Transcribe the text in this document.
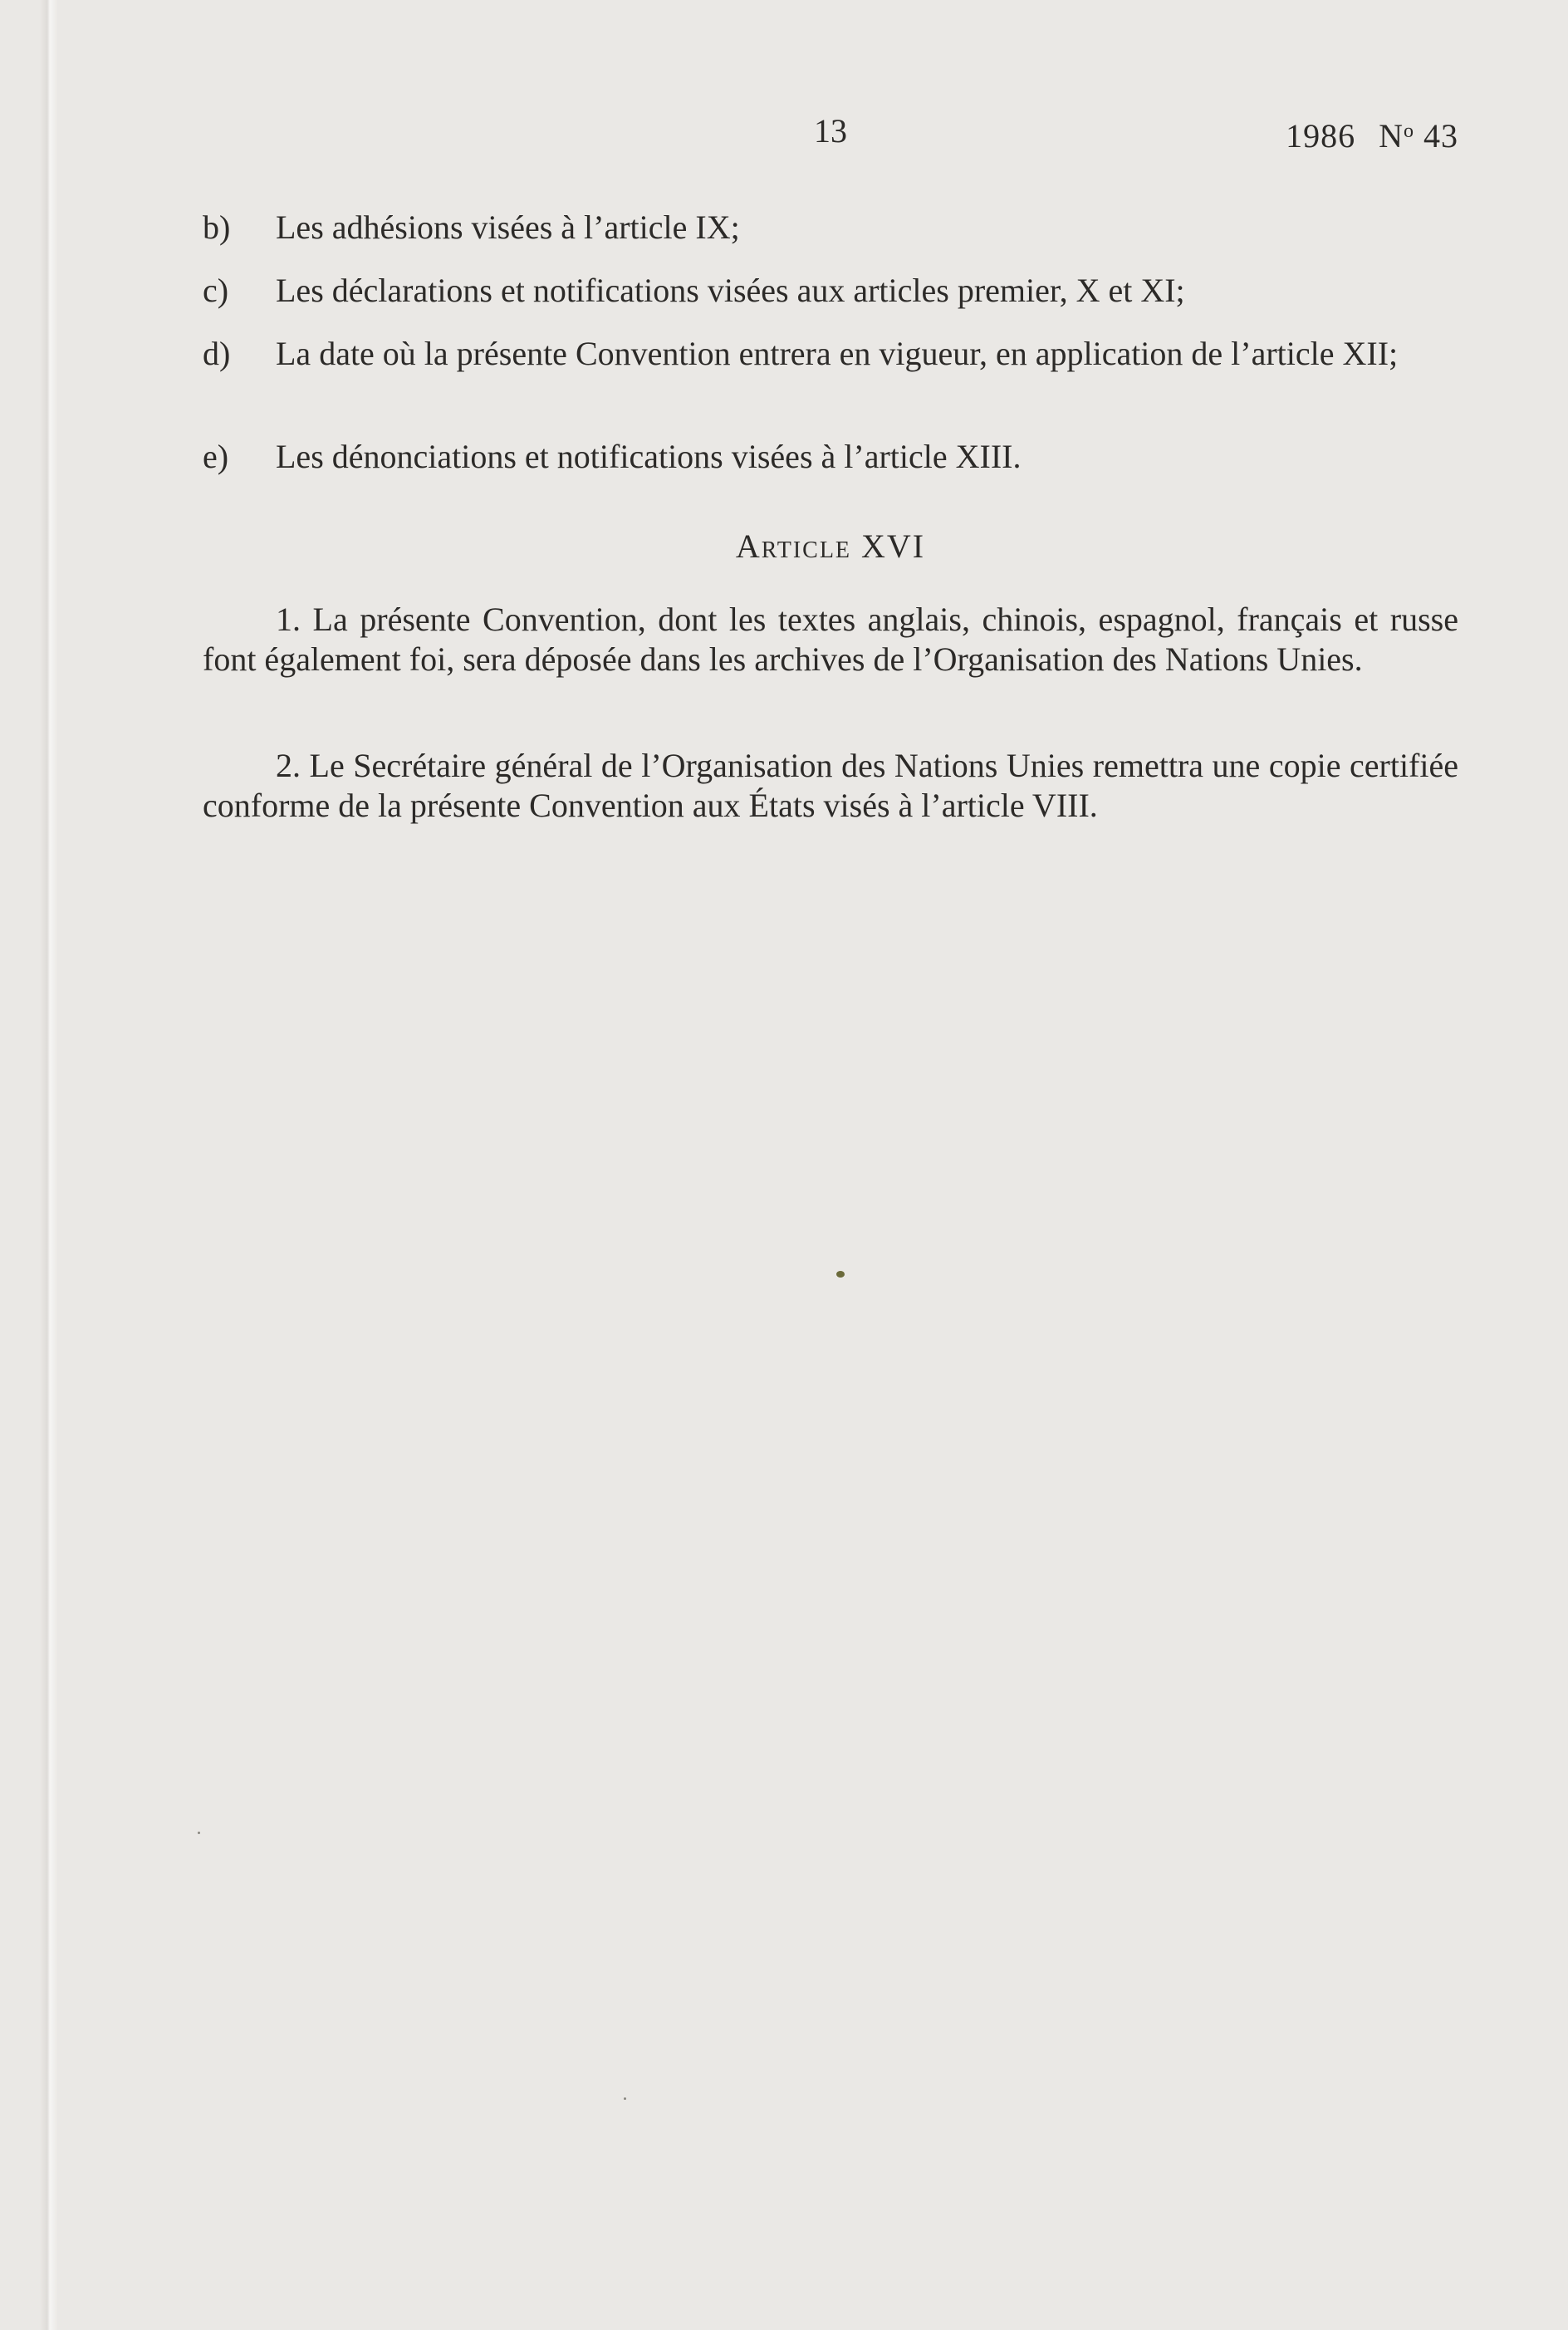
13	1986 $N^o$ 43
b)	Les adhésions visées à l’article IX;
c)	Les déclarations et notifications visées aux articles premier, X et XI;
d)	La date où la présente Convention entrera en vigueur, en application de l’article XII;
e)	Les dénonciations et notifications visées à l’article XIII.
Article XVI

1. La présente Convention, dont les textes anglais, chinois, espagnol, français et russe font également foi, sera déposée dans les archives de l’Organisation des Nations Unies.

2. Le Secrétaire général de l’Organisation des Nations Unies remettra une copie certifiée conforme de la présente Convention aux États visés à l’article VIII.
